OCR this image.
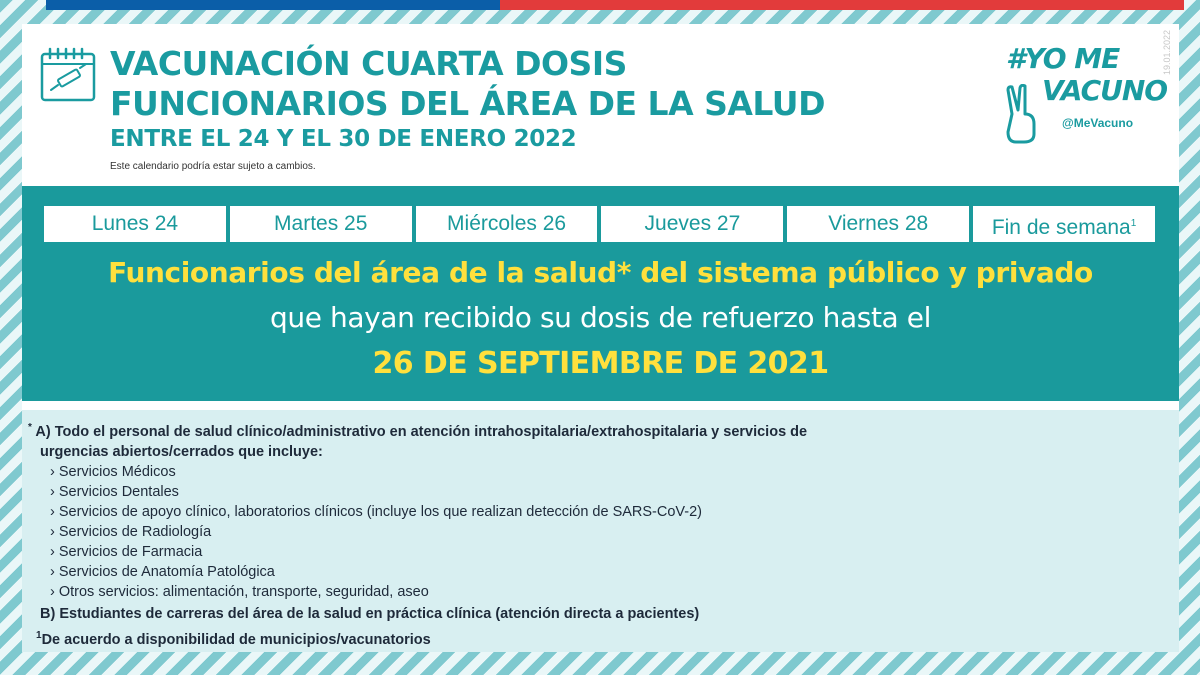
VACUNACIÓN CUARTA DOSIS
FUNCIONARIOS DEL ÁREA DE LA SALUD
ENTRE EL 24 Y EL 30 DE ENERO 2022
Este calendario podría estar sujeto a cambios.
#YO ME
VACUNO
@MeVacuno
19.01.2022
Lunes 24	Martes 25	Miércoles 26	Jueves 27	Viernes 28	Fin de semana$^1$
Funcionarios del área de la salud* del sistema público y privado
que hayan recibido su dosis de refuerzo hasta el
26 DE SEPTIEMBRE DE 2021
* A) Todo el personal de salud clínico/administrativo en atención intrahospitalaria/extrahospitalaria y servicios de
urgencias abiertos/cerrados que incluye:
› Servicios Médicos
› Servicios Dentales
› Servicios de apoyo clínico, laboratorios clínicos (incluye los que realizan detección de SARS-CoV-2)
› Servicios de Radiología
› Servicios de Farmacia
› Servicios de Anatomía Patológica
› Otros servicios: alimentación, transporte, seguridad, aseo
B) Estudiantes de carreras del área de la salud en práctica clínica (atención directa a pacientes)
$^1$De acuerdo a disponibilidad de municipios/vacunatorios
